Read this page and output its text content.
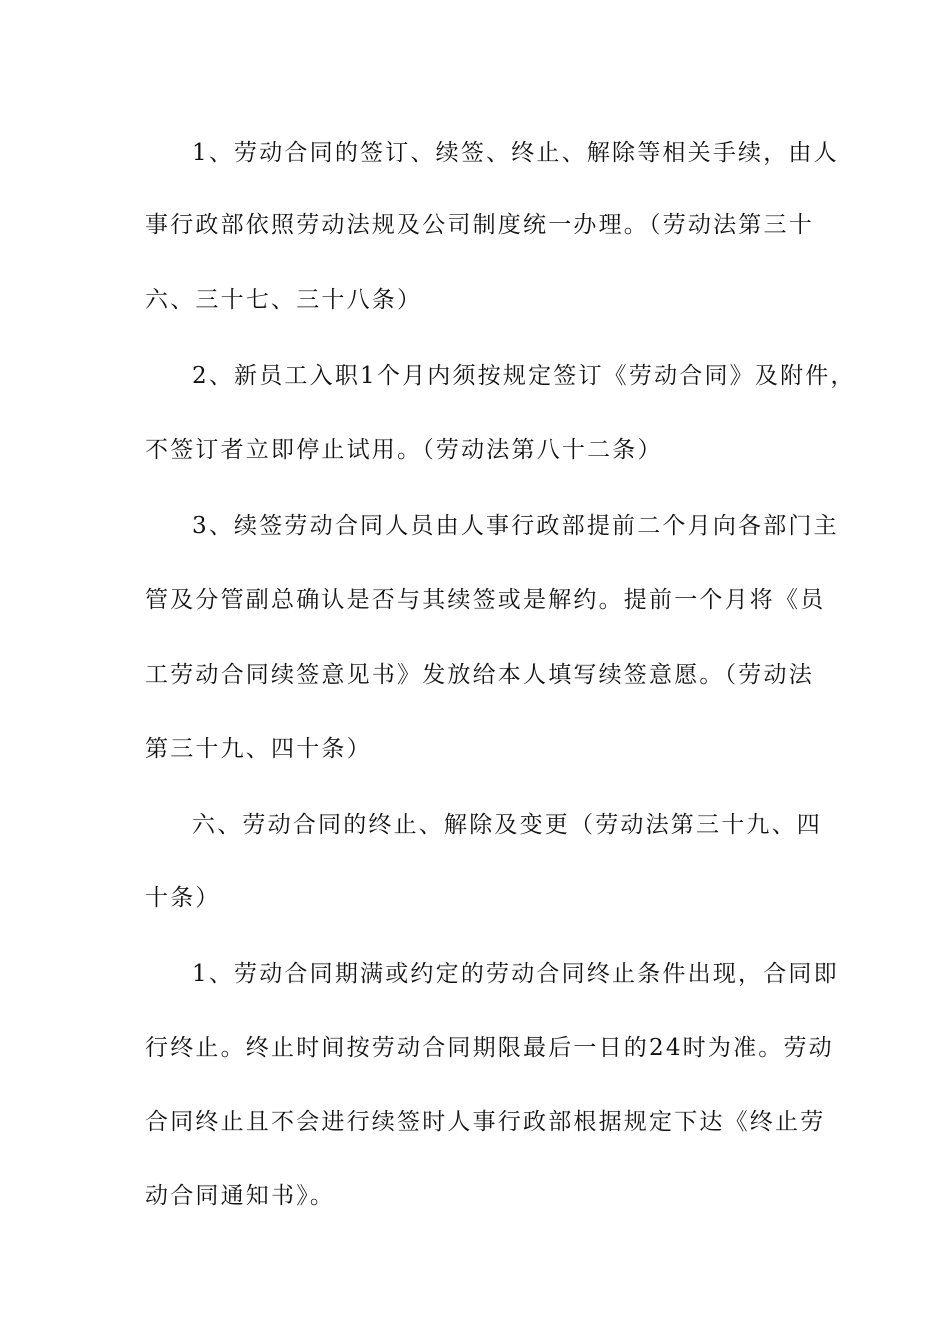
1、劳动合同的签订、续签、终止、解除等相关手续，由人
事行政部依照劳动法规及公司制度统一办理。（劳动法第三十
六、三十七、三十八条）
2、新员工入职1个月内须按规定签订《劳动合同》及附件，
不签订者立即停止试用。（劳动法第八十二条）
3、续签劳动合同人员由人事行政部提前二个月向各部门主
管及分管副总确认是否与其续签或是解约。提前一个月将《员
工劳动合同续签意见书》发放给本人填写续签意愿。（劳动法
第三十九、四十条）
六、劳动合同的终止、解除及变更（劳动法第三十九、四
十条）
1、劳动合同期满或约定的劳动合同终止条件出现，合同即
行终止。终止时间按劳动合同期限最后一日的24时为准。劳动
合同终止且不会进行续签时人事行政部根据规定下达《终止劳
动合同通知书》。
